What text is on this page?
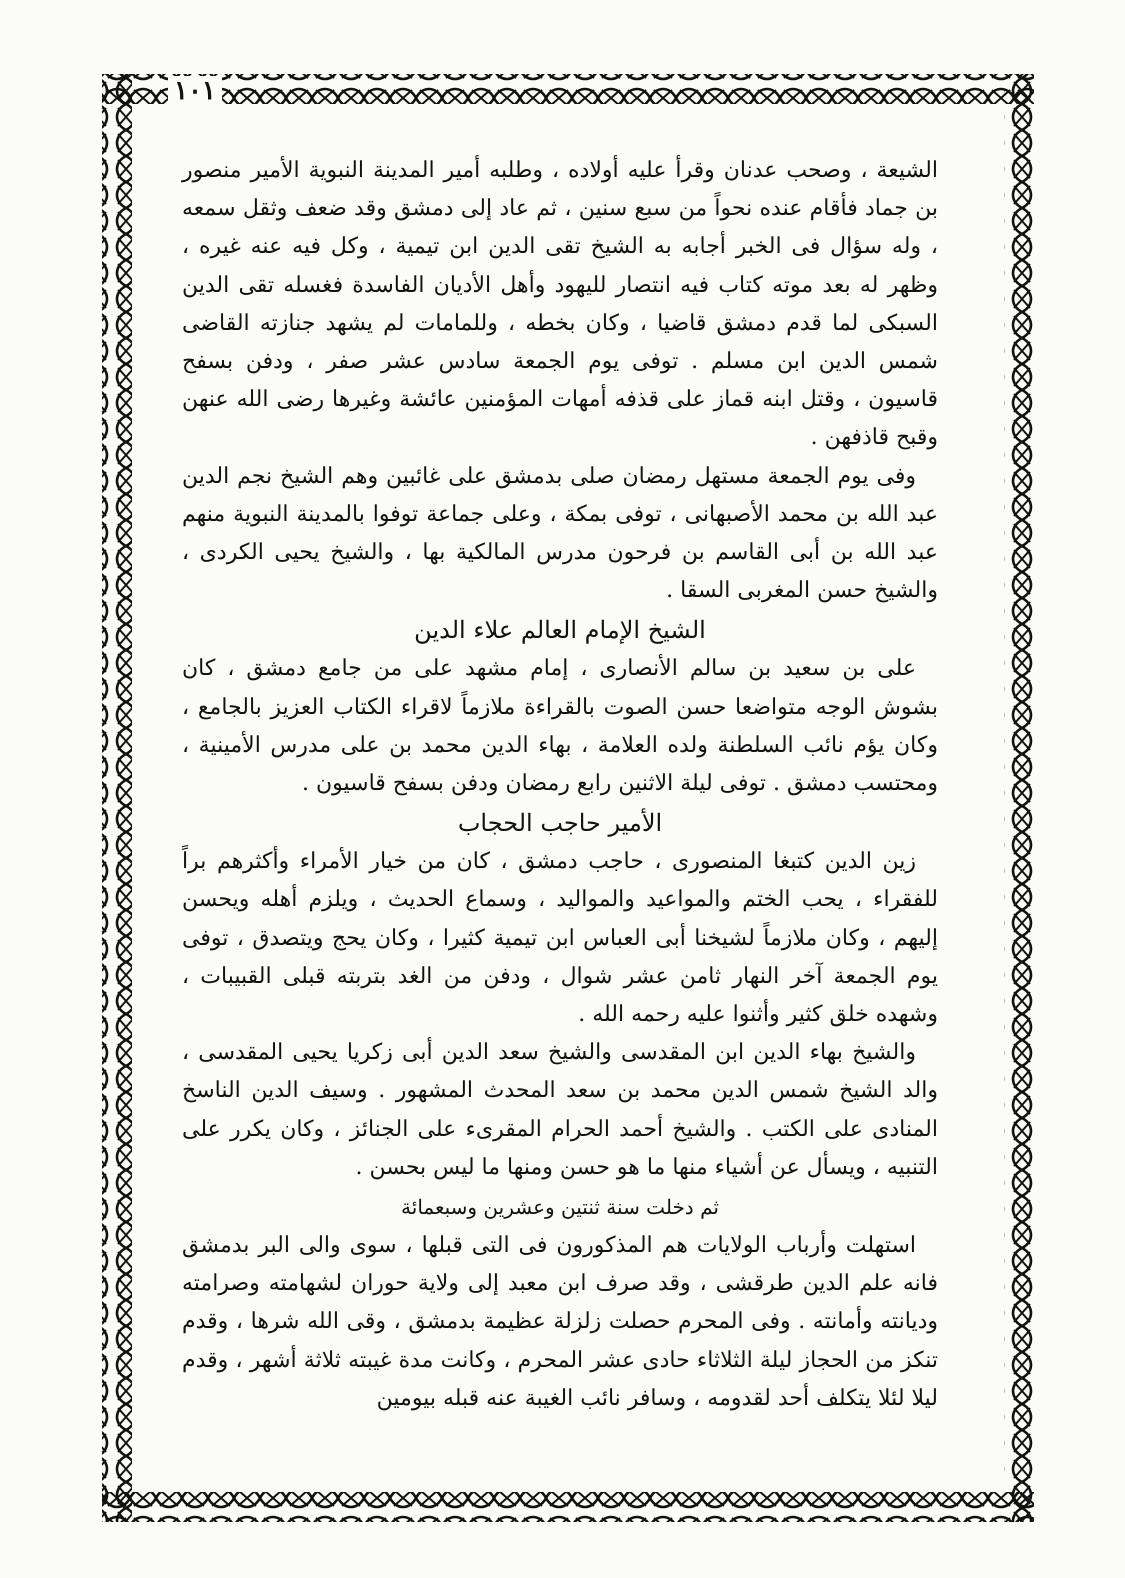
١٠١

الشيعة ، وصحب عدنان وقرأ عليه أولاده ، وطلبه أمير المدينة النبوية الأمير منصور بن جماد فأقام عنده نحواً من سبع سنين ، ثم عاد إلى دمشق وقد ضعف وثقل سمعه ، وله سؤال فى الخبر أجابه به الشيخ تقى الدين ابن تيمية ، وكل فيه عنه غيره ، وظهر له بعد موته كتاب فيه انتصار لليهود وأهل الأديان الفاسدة فغسله تقى الدين السبكى لما قدم دمشق قاضيا ، وكان بخطه ، وللمامات لم يشهد جنازته القاضى شمس الدين ابن مسلم . توفى يوم الجمعة سادس عشر صفر ، ودفن بسفح قاسيون ، وقتل ابنه قماز على قذفه أمهات المؤمنين عائشة وغيرها رضى الله عنهن وقبح قاذفهن .

وفى يوم الجمعة مستهل رمضان صلى بدمشق على غائبين وهم الشيخ نجم الدين عبد الله بن محمد الأصبهانى ، توفى بمكة ، وعلى جماعة توفوا بالمدينة النبوية منهم عبد الله بن أبى القاسم بن فرحون مدرس المالكية بها ، والشيخ يحيى الكردى ، والشيخ حسن المغربى السقا .

الشيخ الإمام العالم علاء الدين

على بن سعيد بن سالم الأنصارى ، إمام مشهد على من جامع دمشق ، كان بشوش الوجه متواضعا حسن الصوت بالقراءة ملازماً لاقراء الكتاب العزيز بالجامع ، وكان يؤم نائب السلطنة ولده العلامة ، بهاء الدين محمد بن على مدرس الأمينية ، ومحتسب دمشق . توفى ليلة الاثنين رابع رمضان ودفن بسفح قاسيون .

الأمير حاجب الحجاب

زين الدين كتبغا المنصورى ، حاجب دمشق ، كان من خيار الأمراء وأكثرهم براً للفقراء ، يحب الختم والمواعيد والمواليد ، وسماع الحديث ، ويلزم أهله ويحسن إليهم ، وكان ملازماً لشيخنا أبى العباس ابن تيمية كثيرا ، وكان يحج ويتصدق ، توفى يوم الجمعة آخر النهار ثامن عشر شوال ، ودفن من الغد بتربته قبلى القبيبات ، وشهده خلق كثير وأثنوا عليه رحمه الله .

والشيخ بهاء الدين ابن المقدسى والشيخ سعد الدين أبى زكريا يحيى المقدسى ، والد الشيخ شمس الدين محمد بن سعد المحدث المشهور . وسيف الدين الناسخ المنادى على الكتب . والشيخ أحمد الحرام المقرىء على الجنائز ، وكان يكرر على التنبيه ، ويسأل عن أشياء منها ما هو حسن ومنها ما ليس بحسن .

ثم دخلت سنة ثنتين وعشرين وسبعمائة

استهلت وأرباب الولايات هم المذكورون فى التى قبلها ، سوى والى البر بدمشق فانه علم الدين طرقشى ، وقد صرف ابن معبد إلى ولاية حوران لشهامته وصرامته وديانته وأمانته . وفى المحرم حصلت زلزلة عظيمة بدمشق ، وقى الله شرها ، وقدم تنكز من الحجاز ليلة الثلاثاء حادى عشر المحرم ، وكانت مدة غيبته ثلاثة أشهر ، وقدم ليلا لئلا يتكلف أحد لقدومه ، وسافر نائب الغيبة عنه قبله بيومين
